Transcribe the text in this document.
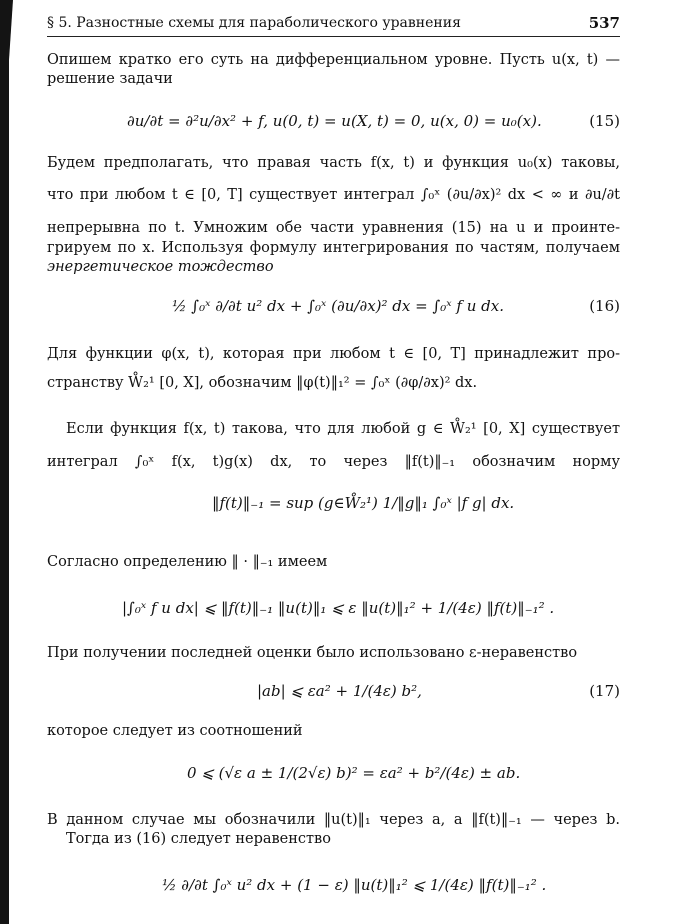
§ 5. Разностные схемы для параболического уравнения	537
Опишем кратко его суть на дифференциальном уровне. Пусть u(x, t) —
решение задачи
∂u/∂t = ∂²u/∂x² + f, u(0, t) = u(X, t) = 0, u(x, 0) = u₀(x).	(15)
Будем предполагать, что правая часть f(x, t) и функция u₀(x) таковы,
что при любом t ∈ [0, T] существует интеграл ∫₀ˣ (∂u/∂x)² dx < ∞ и ∂u/∂t
непрерывна по t. Умножим обе части уравнения (15) на u и проинте-
грируем по x. Используя формулу интегрирования по частям, получаем
энергетическое тождество
½ ∫₀ˣ ∂/∂t u² dx + ∫₀ˣ (∂u/∂x)² dx = ∫₀ˣ f u dx.	(16)
Для функции φ(x, t), которая при любом t ∈ [0, T] принадлежит про-
странству W̊₂¹ [0, X], обозначим ‖φ(t)‖₁² = ∫₀ˣ (∂φ/∂x)² dx.
Если функция f(x, t) такова, что для любой g ∈ W̊₂¹ [0, X] существует
интеграл ∫₀ˣ f(x, t)g(x) dx, то через ‖f(t)‖₋₁ обозначим норму
‖f(t)‖₋₁ = sup (g∈W̊₂¹) 1/‖g‖₁ ∫₀ˣ |f g| dx.
Согласно определению ‖ · ‖₋₁ имеем
|∫₀ˣ f u dx| ⩽ ‖f(t)‖₋₁ ‖u(t)‖₁ ⩽ ε ‖u(t)‖₁² + 1/(4ε) ‖f(t)‖₋₁² .
При получении последней оценки было использовано ε-неравенство
|ab| ⩽ εa² + 1/(4ε) b²,	(17)
которое следует из соотношений
0 ⩽ (√ε a ± 1/(2√ε) b)² = εa² + b²/(4ε) ± ab.
В данном случае мы обозначили ‖u(t)‖₁ через a, а ‖f(t)‖₋₁ — через b.
Тогда из (16) следует неравенство
½ ∂/∂t ∫₀ˣ u² dx + (1 − ε) ‖u(t)‖₁² ⩽ 1/(4ε) ‖f(t)‖₋₁² .
